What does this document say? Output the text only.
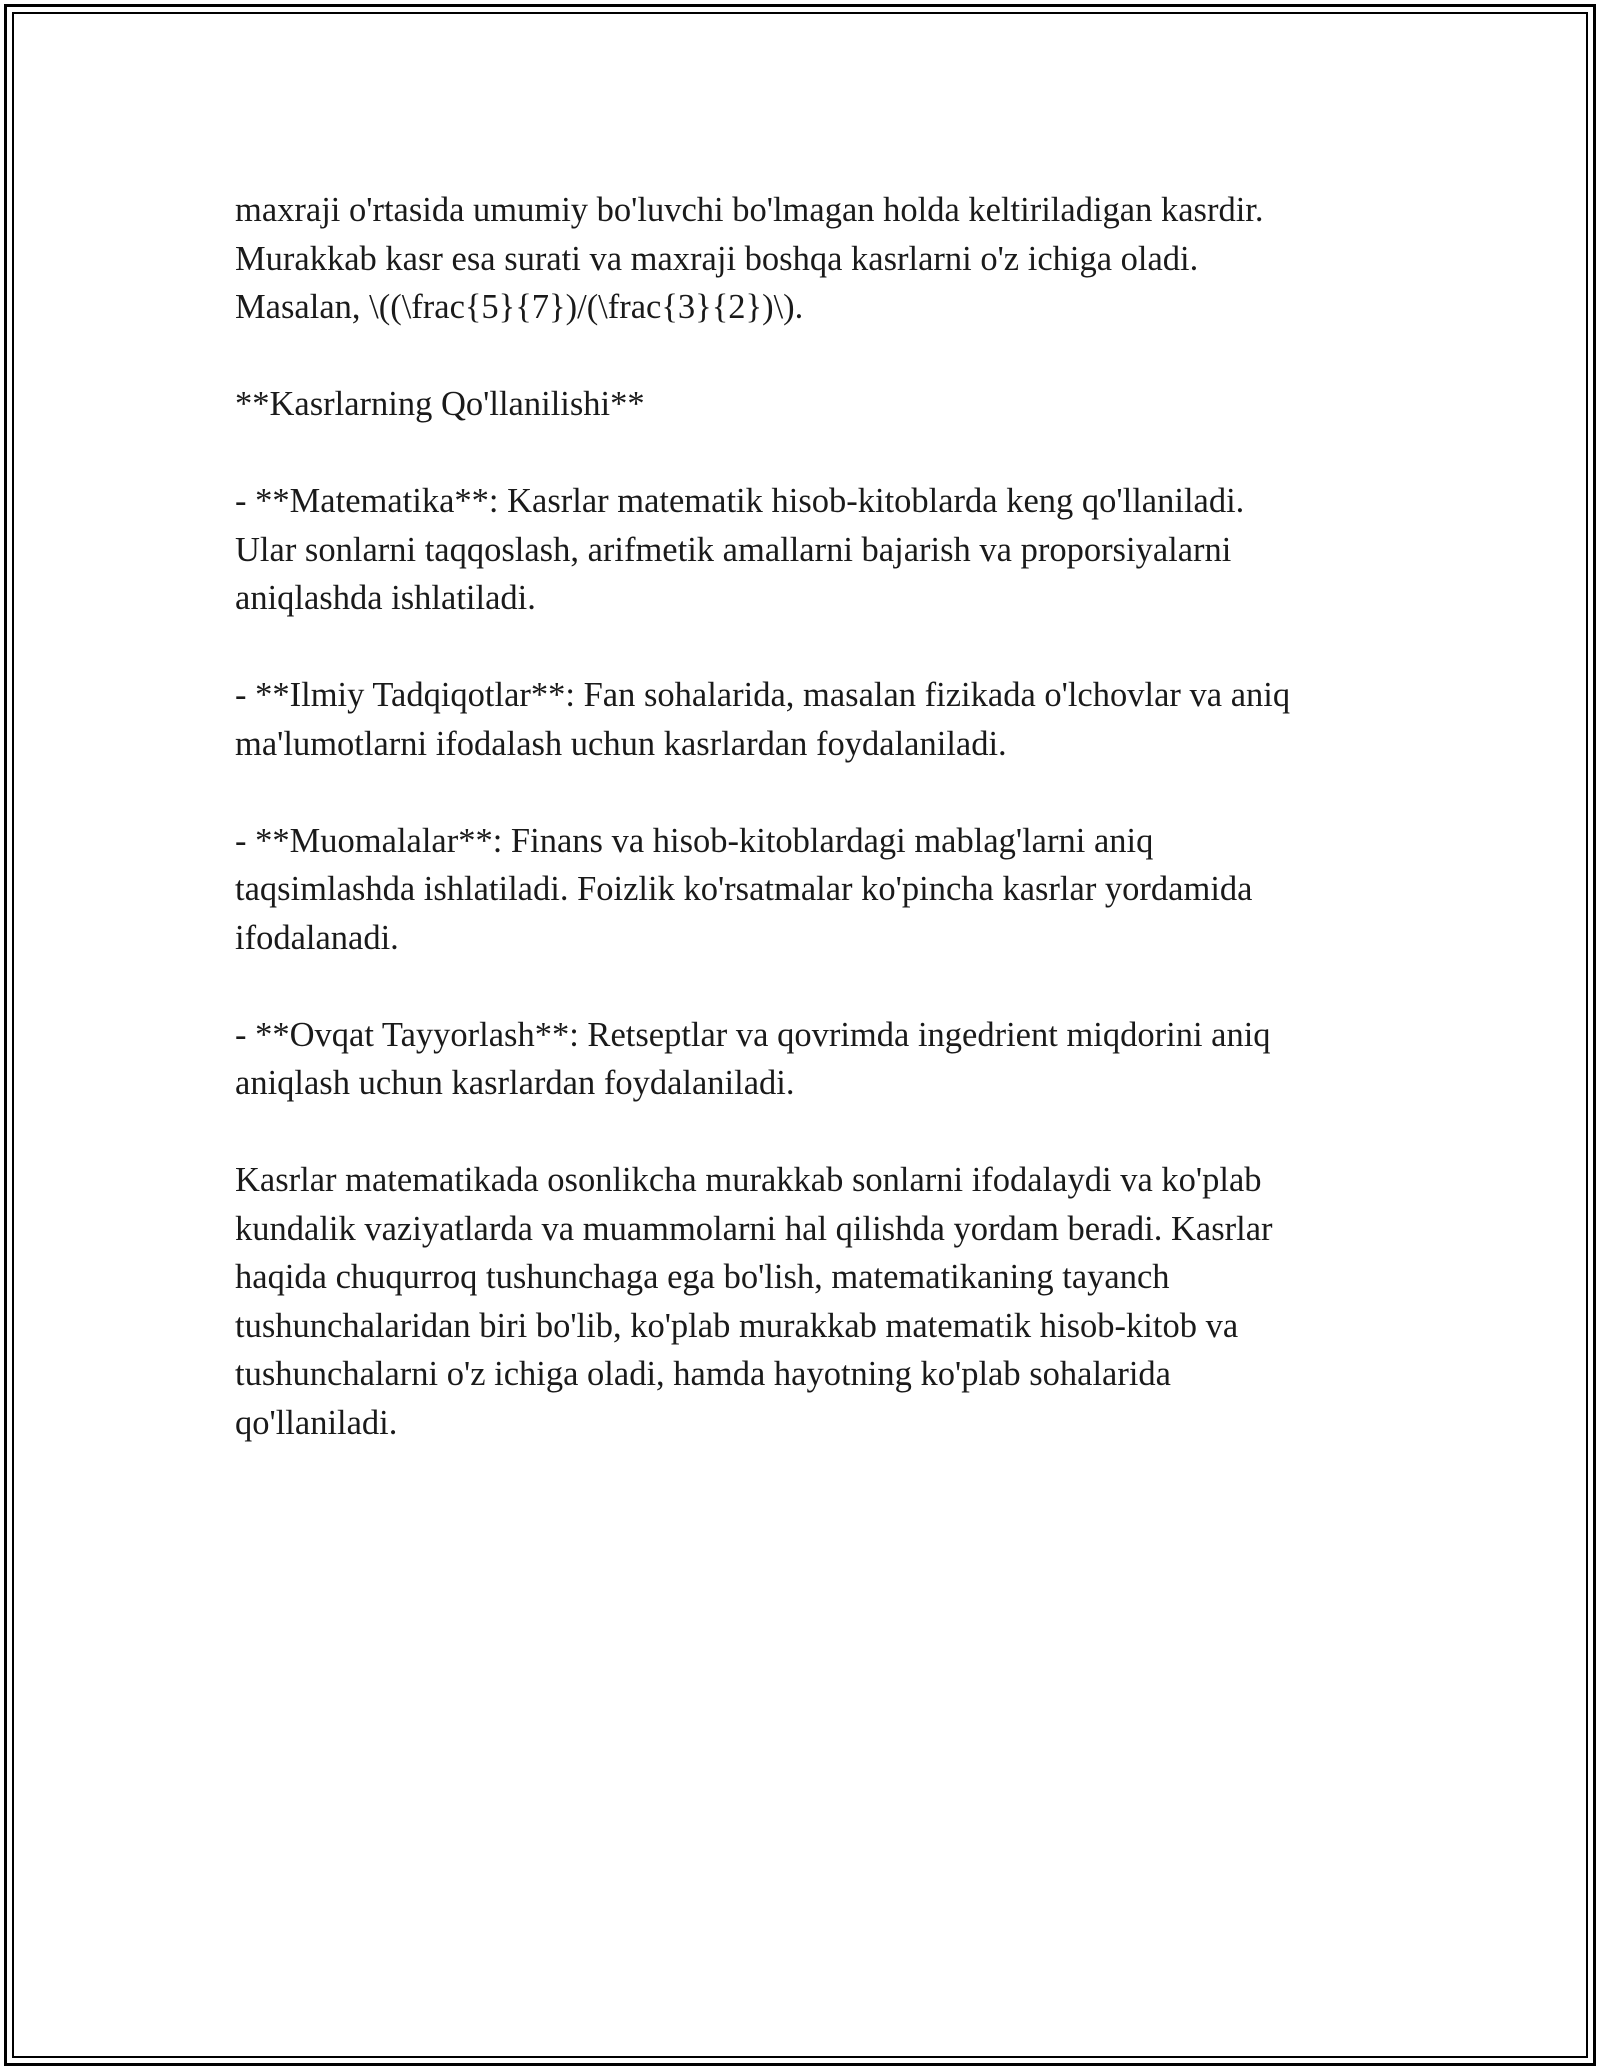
maxraji o'rtasida umumiy bo'luvchi bo'lmagan holda keltiriladigan kasrdir.
Murakkab kasr esa surati va maxraji boshqa kasrlarni o'z ichiga oladi.
Masalan, \((\frac{5}{7})/(\frac{3}{2})\).

**Kasrlarning Qo'llanilishi**

- **Matematika**: Kasrlar matematik hisob-kitoblarda keng qo'llaniladi.
Ular sonlarni taqqoslash, arifmetik amallarni bajarish va proporsiyalarni
aniqlashda ishlatiladi.

- **Ilmiy Tadqiqotlar**: Fan sohalarida, masalan fizikada o'lchovlar va aniq
ma'lumotlarni ifodalash uchun kasrlardan foydalaniladi.

- **Muomalalar**: Finans va hisob-kitoblardagi mablag'larni aniq
taqsimlashda ishlatiladi. Foizlik ko'rsatmalar ko'pincha kasrlar yordamida
ifodalanadi.

- **Ovqat Tayyorlash**: Retseptlar va qovrimda ingedrient miqdorini aniq
aniqlash uchun kasrlardan foydalaniladi.

Kasrlar matematikada osonlikcha murakkab sonlarni ifodalaydi va ko'plab
kundalik vaziyatlarda va muammolarni hal qilishda yordam beradi. Kasrlar
haqida chuqurroq tushunchaga ega bo'lish, matematikaning tayanch
tushunchalaridan biri bo'lib, ko'plab murakkab matematik hisob-kitob va
tushunchalarni o'z ichiga oladi, hamda hayotning ko'plab sohalarida
qo'llaniladi.
